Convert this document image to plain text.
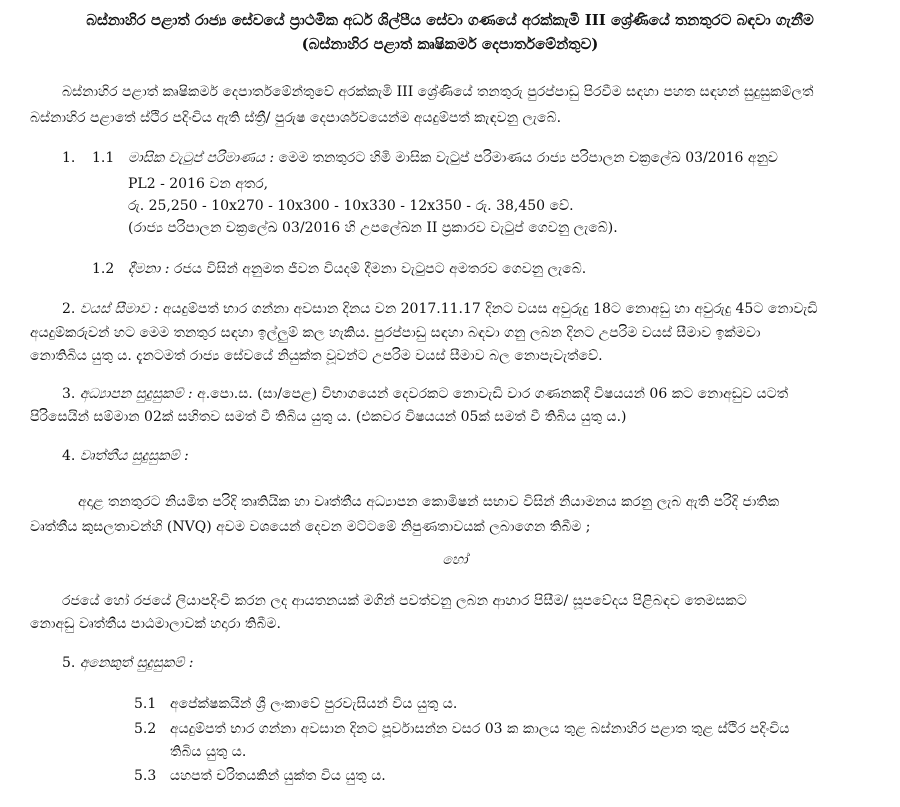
බස්නාහිර පළාත් රාජ්‍ය සේවයේ ප්‍රාථමික අර්ධ ශිල්පීය සේවා ගණයේ අරක්කැමි III ශ්‍රේණියේ තනතුරට බඳවා ගැනීම
(බස්නාහිර පළාත් කෘෂිකර්ම දෙපාර්තමේන්තුව)
බස්නාහිර පළාත් කෘෂිකර්ම දෙපාර්තමේන්තුවේ අරක්කැමි III ශ්‍රේණියේ තනතුරු පුරප්පාඩු පිරවීම සඳහා පහත සඳහන් සුදුසුකම්ලත්
බස්නාහිර පළාතේ ස්ථිර පදිංචිය ඇති ස්ත්‍රී/ පුරුෂ දෙපාර්ශවයෙන්ම අයදුම්පත් කැඳවනු ලැබේ.
1. 1.1 මාසික වැටුප් පරිමාණය : මෙම තනතුරට හිමි මාසික වැටුප් පරිමාණය රාජ්‍ය පරිපාලන චක්‍රලේඛ 03/2016 අනුව
PL2 - 2016 වන අතර,
රු. 25,250 - 10x270 - 10x300 - 10x330 - 12x350 - රු. 38,450 වේ.
(රාජ්‍ය පරිපාලන චක්‍රලේඛ 03/2016 හි උපලේඛන II ප්‍රකාරව වැටුප් ගෙවනු ලැබේ).
1.2 දීමනා : රජය විසින් අනුමත ජීවන වියදම් දීමනා වැටුපට අමතරව ගෙවනු ලැබේ.
2. වයස් සීමාව : අයදුම්පත් භාර ගන්නා අවසාන දිනය වන 2017.11.17 දිනට වයස අවුරුදු 18ට නොඅඩු හා අවුරුදු 45ට නොවැඩි
අයදුම්කරුවන් හට මෙම තනතුර සඳහා ඉල්ලුම් කල හැකිය. පුරප්පාඩු සඳහා බඳවා ගනු ලබන දිනට උපරිම වයස් සීමාව ඉක්මවා
නොතිබිය යුතු ය. දැනටමත් රාජ්‍ය සේවයේ නියුක්ත වූවන්ට උපරිම වයස් සීමාව බල නොපැවැත්වේ.
3. අධ්‍යාපන සුදුසුකම් : අ.පො.ස. (සා/පෙළ) විභාගයෙන් දෙවරකට නොවැඩි වාර ගණනකදී විෂයයන් 06 කට නොඅඩුව යටත්
පිරිසෙයින් සම්මාන 02ක් සහිතව සමත් වී තිබිය යුතු ය. (එකවර විෂයයන් 05ක් සමත් වී තිබිය යුතු ය.)
4. වෘත්තීය සුදුසුකම් :
අදාළ තනතුරට නියමිත පරිදි තෘතියික හා වෘත්තීය අධ්‍යාපන කොමිෂන් සභාව විසින් නියාමනය කරනු ලැබ ඇති පරිදි ජාතික
වෘත්තීය කුසලතාවන්හි (NVQ) අවම වශයෙන් දෙවන මට්ටමේ නිපුණතාවයක් ලබාගෙන තිබීම ;
හෝ
රජයේ හෝ රජයේ ලියාපදිංචි කරන ලද ආයතනයක් මගින් පවත්වනු ලබන ආහාර පිසීම/ සූපවේදය පිළිබඳව තෙමසකට
නොඅඩු වෘත්තීය පාඨමාලාවක් හදාරා තිබීම.
5. අනෙකුත් සුදුසුකම් :
5.1 අපේක්ෂකයින් ශ්‍රී ලංකාවේ පුරවැසියන් විය යුතු ය.
5.2 අයදුම්පත් භාර ගන්නා අවසාන දිනට පූර්වාසන්න වසර 03 ක කාලය තුළ බස්නාහිර පළාත තුළ ස්ථිර පදිංචිය
තිබිය යුතු ය.
5.3 යහපත් චරිතයකින් යුක්ත විය යුතු ය.
